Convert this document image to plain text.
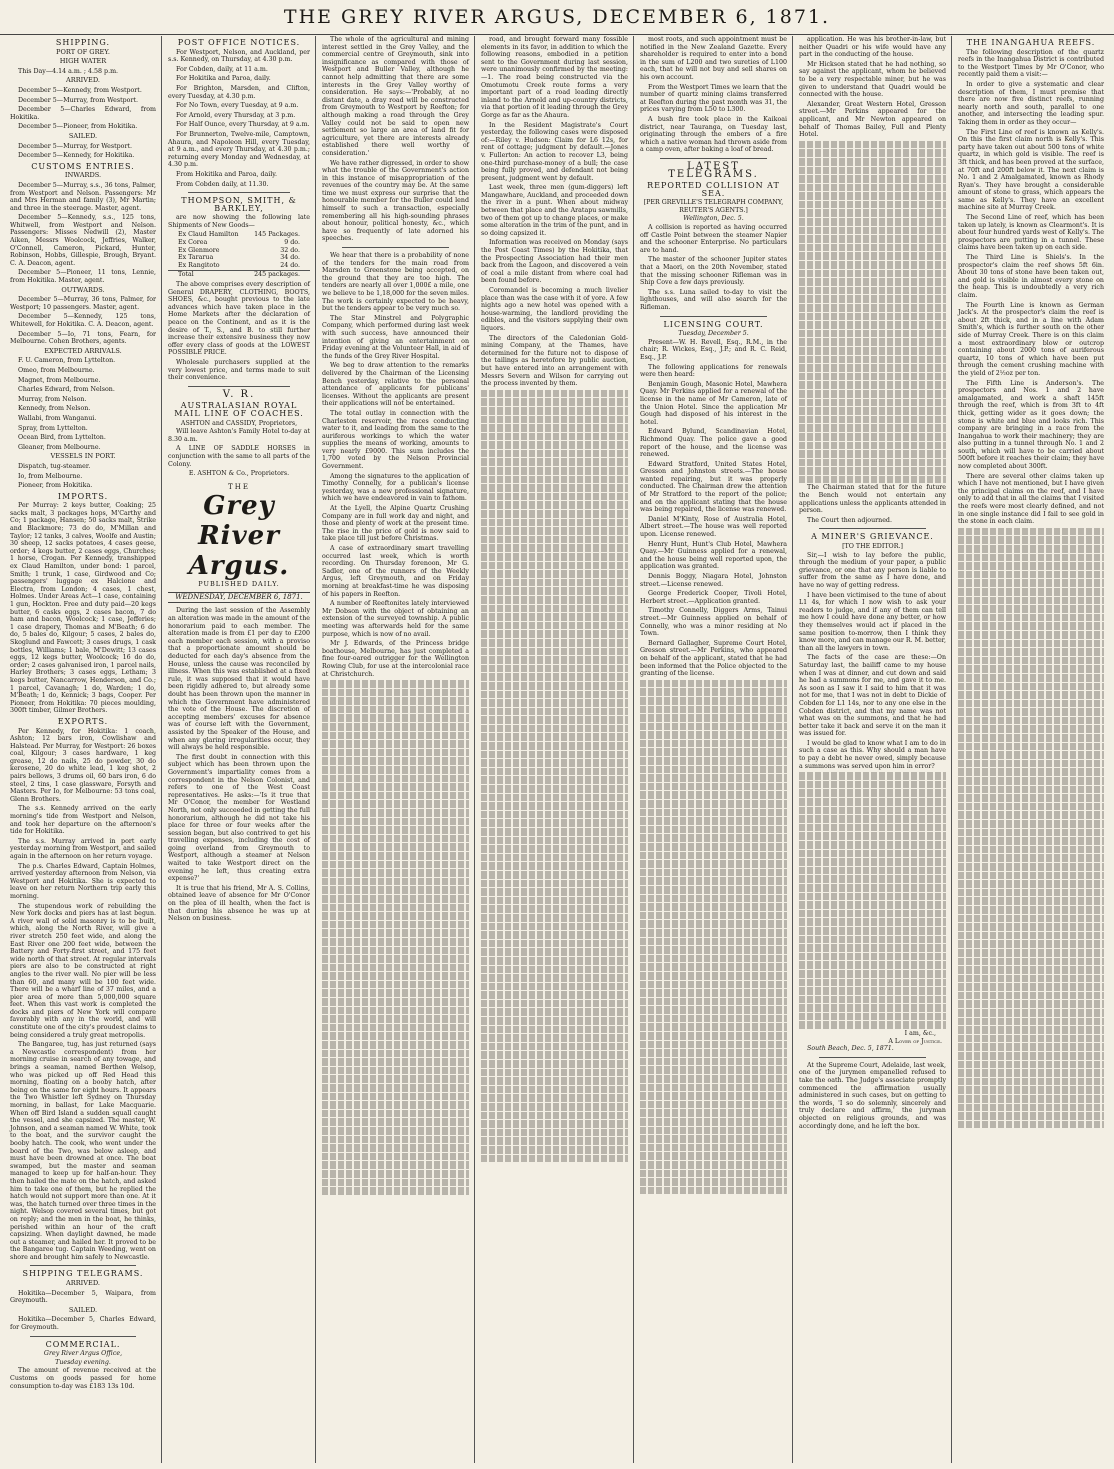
THE GREY RIVER ARGUS, DECEMBER 6, 1871.
SHIPPING.
PORT OF GREY.
HIGH WATER

This Day—4.14 a.m. ; 4.58 p.m.

ARRIVED.

December 5—Kennedy, from Westport.

December 5—Murray, from Westport.

December 5—Charles Edward, from Hokitika.

December 5—Pioneer, from Hokitika.

SAILED.

December 5—Murray, for Westport.

December 5—Kennedy, for Hokitika.

CUSTOMS ENTRIES.
INWARDS.

December 5—Murray, s.s., 36 tons, Palmer, from Westport and Nelson. Passengers: Mr and Mrs Herman and family (3), Mr Martin; and three in the steerage. Master, agent.

December 5—Kennedy, s.s., 125 tons, Whitwell, from Westport and Nelson. Passengers: Misses Nedwill (2), Master Aiken, Messrs Woolcock, Jeffries, Walker, O'Connell, Cameron, Pickard, Hunter, Robinson, Hobbs, Gillespie, Brough, Bryant. C. A. Deacon, agent.

December 5—Pioneer, 11 tons, Lennie, from Hokitika. Master, agent.

OUTWARDS.

December 5—Murray, 36 tons, Palmer, for Westport; 10 passengers. Master, agent.

December 5—Kennedy, 125 tons, Whitewell, for Hokitika. C. A. Deacon, agent.

December 5—Io, 71 tons, Fearn, for Melbourne. Cohen Brothers, agents.

EXPECTED ARRIVALS.

F. U. Cameron, from Lyttelton.

Omeo, from Melbourne.

Magnet, from Melbourne.

Charles Edward, from Nelson.

Murray, from Nelson.

Kennedy, from Nelson.

Wallabi, from Wanganui.

Spray, from Lyttelton.

Ocean Bird, from Lyttelton.

Gleaner, from Melbourne.

VESSELS IN PORT.

Dispatch, tug-steamer.

Io, from Melbourne.

Pioneer, from Hokitika.

IMPORTS.

Per Murray: 2 keys butter, Coaking; 25 sacks malt, 3 packages hops, M'Carthy and Co; 1 package, Hansen; 50 sacks malt, Strike and Blackmore; 73 do do, M'Millan and Taylor; 12 tanks, 3 calves, Woolfe and Austin; 30 sheep, 12 sacks potatoes, 4 cases geese, order; 4 kegs butter, 2 cases eggs, Churches; 1 horse, Crogan. Per Kennedy, transhipped ex Claud Hamilton, under bond: 1 parcel, Smith; 1 trunk, 1 case, Girdwood and Co; passengers' luggage ex Halcione and Electra, from London; 4 cases, 1 chest, Holmes. Under Areas Act—1 case, containing 1 gun, Hockton. Free and duty paid—20 kegs butter, 6 casks eggs, 2 cases bacon, 7 do ham and bacon, Woolcock; 1 case, Jefferies; 1 case drapery, Thomas and M'Beath; 6 do do, 5 bales do, Kilgour; 5 cases, 2 bales do, Skoglund and Fawcett; 3 cases drugs, 1 cask bottles, Williams; 1 bale, M'Dewitt; 13 cases eggs, 12 kegs butter, Woolcock; 16 do do, order; 2 cases galvanised iron, 1 parcel nails, Harley Brothers; 3 cases eggs, Letham; 3 kegs butter, Nancarrow, Henderson, and Co.; 1 parcel, Cavanagh; 1 do, Warden; 1 do, M'Beath; 1 do, Kennick; 3 bags, Cooper. Per Pioneer, from Hokitika: 70 pieces moulding, 300ft timber, Gilmer Brothers.

EXPORTS.

Per Kennedy, for Hokitika: 1 coach, Ashton; 12 bars iron, Cowlishaw and Halstead. Per Murray, for Westport: 26 boxes coal, Kilgour; 3 cases hardware, 1 keg grease, 12 do nails, 25 do powder, 30 do kerosene, 20 do white lead, 1 keg shot, 2 pairs bellows, 3 drums oil, 60 bars iron, 6 do steel, 2 tins, 1 case glassware, Forsyth and Masters. Per Io, for Melbourne: 53 tons coal, Glenn Brothers.

The s.s. Kennedy arrived on the early morning's tide from Westport and Nelson, and took her departure on the afternoon's tide for Hokitika.

The s.s. Murray arrived in port early yesterday morning from Westport, and sailed again in the afternoon on her return voyage.

The p.s. Charles Edward, Captain Holmes, arrived yesterday afternoon from Nelson, via Westport and Hokitika. She is expected to leave on her return Northern trip early this morning.

The stupendous work of rebuilding the New York docks and piers has at last begun. A river wall of solid masonry is to be built, which, along the North River, will give a river stretch 250 feet wide, and along the East River one 200 feet wide, between the Battery and Forty-first street, and 175 feet wide north of that street. At regular intervals piers are also to be constructed at right angles to the river wall. No pier will be less than 60, and many will be 100 feet wide. There will be a wharf line of 37 miles, and a pier area of more than 5,000,000 square feet. When this vast work is completed the docks and piers of New York will compare favorably with any in the world, and will constitute one of the city's proudest claims to being considered a truly great metropolis.

The Bangaree, tug, has just returned (says a Newcastle correspondent) from her morning cruise in search of any towage, and brings a seaman, named Berthen Welsop, who was picked up off Red Head this morning, floating on a booby hatch, after being on the same for eight hours. It appears the Two Whistler left Sydney on Thursday morning, in ballast, for Lake Macquarie. When off Bird Island a sudden squall caught the vessel, and she capsized. The master, W. Johnson, and a seaman named W. White, took to the boat, and the survivor caught the booby hatch. The cook, who went under the board of the Two, was below asleep, and must have been drowned at once. The boat swamped, but the master and seaman managed to keep up for half-an-hour. They then hailed the mate on the hatch, and asked him to take one of them, but he replied the hatch would not support more than one. At it was, the hatch turned over three times in the night. Welsop covered several times, but got on reply; and the men in the boat, he thinks, perished within an hour of the craft capsizing. When daylight dawned, he made out a steamer, and hailed her. It proved to be the Bangaree tug. Captain Weeding, went on shore and brought him safely to Newcastle.

SHIPPING TELEGRAMS.
ARRIVED.

Hokitika—December 5, Waipara, from Greymouth.

SAILED.

Hokitika—December 5, Charles Edward, for Greymouth.

COMMERCIAL.
Grey River Argus Office,
Tuesday evening.

The amount of revenue received at the Customs on goods passed for home consumption to-day was £183 13s 10d.

POST OFFICE NOTICES.

For Westport, Nelson, and Auckland, per s.s. Kennedy, on Thursday, at 4.30 p.m.

For Cobden, daily, at 11 a.m.

For Hokitika and Paroa, daily.

For Brighton, Marsden, and Clifton, every Tuesday, at 4.30 p.m.

For No Town, every Tuesday, at 9 a.m.

For Arnold, every Thursday, at 3 p.m.

For Half Ounce, every Thursday, at 9 a.m.

For Brunnerton, Twelve-mile, Camptown, Ahaura, and Napoleon Hill, every Tuesday, at 9 a.m., and every Thursday, at 4.30 p.m.; returning every Monday and Wednesday, at 4.30 p.m.

From Hokitika and Paroa, daily.

From Cobden daily, at 11.30.

THOMPSON, SMITH, & BARKLEY,

are now showing the following late Shipments of New Goods—

Ex Claud Hamilton 145 Packages.
Ex Corea	9 do.
Ex Glenmore	32 do.
Ex Tararua	34 do.
Ex Rangitoto	24 do.
Total	245 packages.

The above comprises every description of General DRAPERY, CLOTHING, BOOTS, SHOES, &c., bought previous to the late advances which have taken place in the Home Markets after the declaration of peace on the Continent, and as it is the desire of T., S., and B. to still further increase their extensive business they now offer every class of goods at the LOWEST POSSIBLE PRICE.

Wholesale purchasers supplied at the very lowest price, and terms made to suit their convenience.

V. R.
AUSTRALASIAN ROYAL MAIL LINE OF COACHES.
ASHTON and CASSIDY, Proprietors,

Will leave Ashton's Family Hotel to-day at 8.30 a.m.

A LINE OF SADDLE HORSES in conjunction with the same to all parts of the Colony.

E. ASHTON & Co., Proprietors.
THE
Grey River Argus.
PUBLISHED DAILY.
WEDNESDAY, DECEMBER 6, 1871.

During the last session of the Assembly an alteration was made in the amount of the honorarium paid to each member. The alteration made is from £1 per day to £200 each member each session, with a proviso that a proportionate amount should be deducted for each day's absence from the House, unless the cause was reconciled by illness. When this was established at a fixed rule, it was supposed that it would have been rigidly adhered to, but already some doubt has been thrown upon the manner in which the Government have administered the vote of the House. The discretion of accepting members' excuses for absence was of course left with the Government, assisted by the Speaker of the House, and when any glaring irregularities occur, they will always be held responsible.

The first doubt in connection with this subject which has been thrown upon the Government's impartiality comes from a correspondent in the Nelson Colonist, and refers to one of the West Coast representatives. He asks:—'Is it true that Mr O'Conor, the member for Westland North, not only succeeded in getting the full honorarium, although he did not take his place for three or four weeks after the session began, but also contrived to get his travelling expenses, including the cost of going overland from Greymouth to Westport, although a steamer at Nelson waited to take Westport direct on the evening he left, thus creating extra expense?'

It is true that his friend, Mr A. S. Collins, obtained leave of absence for Mr O'Conor on the plea of ill health, when the fact is that during his absence he was up at Nelson on business.

The whole of the agricultural and mining interest settled in the Grey Valley, and the commercial centre of Greymouth, sink into insignificance as compared with those of Westport and Buller Valley, although he cannot help admitting that there are some interests in the Grey Valley worthy of consideration. He says:—'Probably, at no distant date, a dray road will be constructed from Greymouth to Westport by Reefton; for although making a road through the Grey Valley could not be said to open new settlement so large an area of land fit for agriculture, yet there are interests already established there well worthy of consideration.'

We have rather digressed, in order to show what the trouble of the Government's action in this instance of misappropriation of the revenues of the country may be. At the same time we must express our surprise that the honourable member for the Buller could lend himself to such a transaction, especially remembering all his high-sounding phrases about honour, political honesty, &c., which have so frequently of late adorned his speeches.

We hear that there is a probability of none of the tenders for the main road from Marsden to Greenstone being accepted, on the ground that they are too high. The tenders are nearly all over 1,000£ a mile, one we believe to be 1,18,000 for the seven miles. The work is certainly expected to be heavy, but the tenders appear to be very much so.

The Star Minstrel and Polygraphic Company, which performed during last week with such success, have announced their intention of giving an entertainment on Friday evening at the Volunteer Hall, in aid of the funds of the Grey River Hospital.

We beg to draw attention to the remarks delivered by the Chairman of the Licensing Bench yesterday, relative to the personal attendance of applicants for publicans' licenses. Without the applicants are present their applications will not be entertained.

The total outlay in connection with the Charleston reservoir, the races conducting water to it, and leading from the same to the auriferous workings to which the water supplies the means of working, amounts to very nearly £9000. This sum includes the 1,700 voted by the Nelson Provincial Government.

Among the signatures to the application of Timothy Connelly, for a publican's license yesterday, was a new professional signature, which we have endeavored in vain to fathom.

At the Lyell, the Alpine Quartz Crushing Company are in full work day and night, and those and plenty of work at the present time. The rise in the price of gold is now said to take place till just before Christmas.

A case of extraordinary smart travelling occurred last week, which is worth recording. On Thursday forenoon, Mr G. Sadler, one of the runners of the Weekly Argus, left Greymouth, and on Friday morning at breakfast-time he was disposing of his papers in Reefton.

A number of Reeftonites lately interviewed Mr Dobson with the object of obtaining an extension of the surveyed township. A public meeting was afterwards held for the same purpose, which is now of no avail.

Mr J. Edwards, of the Princess bridge boathouse, Melbourne, has just completed a fine four-oared outrigger for the Wellington Rowing Club, for use at the intercolonial race at Christchurch.

road, and brought forward many fossible elements in its favor, in addition to which the following reasons, embodied in a petition sent to the Government during last session, were unanimously confirmed by the meeting:—1. The road being constructed via the Omotumotu Creek route forms a very important part of a road leading directly inland to the Arnold and up-country districts, via that portion of it leading through the Grey Gorge as far as the Ahaura.

In the Resident Magistrate's Court yesterday, the following cases were disposed of:—Riley v. Hudson: Claim for L6 12s, for rent of cottage; judgment by default.—Jones v. Fullerton: An action to recover L3, being one-third purchase-money of a bull; the case being fully proved, and defendant not being present, judgment went by default.

Last week, three men (gum-diggers) left Mangawhare, Auckland, and proceeded down the river in a punt. When about midway between that place and the Aratapu sawmills, two of them got up to change places, or make some alteration in the trim of the punt, and in so doing capsized it.

Information was received on Monday (says the Post Coast Times) by the Hokitika, that the Prospecting Association had their men back from the Lagoon, and discovered a vein of coal a mile distant from where coal had been found before.

Coromandel is becoming a much livelier place than was the case with it of yore. A few nights ago a new hotel was opened with a house-warming, the landlord providing the edibles, and the visitors supplying their own liquors.

The directors of the Caledonian Gold-mining Company, at the Thames, have determined for the future not to dispose of the tailings as heretofore by public auction, but have entered into an arrangement with Messrs Severn and Wilson for carrying out the process invented by them.

most roots, and such appointment must be notified in the New Zealand Gazette. Every shareholder is required to enter into a bond in the sum of L200 and two sureties of L100 each, that he will not buy and sell shares on his own account.

From the Westport Times we learn that the number of quartz mining claims transferred at Reefton during the past month was 31, the prices varying from L50 to L300.

A bush fire took place in the Kaikoai district, near Tauranga, on Tuesday last, originating through the embers of a fire which a native woman had thrown aside from a camp oven, after baking a loaf of bread.

LATEST TELEGRAMS.
REPORTED COLLISION AT SEA.
[PER GREVILLE'S TELEGRAPH COMPANY, REUTER'S AGENTS.]
Wellington, Dec. 5.

A collision is reported as having occurred off Castle Point between the steamer Napier and the schooner Enterprise. No particulars are to hand.

The master of the schooner Jupiter states that a Maori, on the 20th November, stated that the missing schooner Rifleman was in Ship Cove a few days previously.

The s.s. Luna sailed to-day to visit the lighthouses, and will also search for the Rifleman.

LICENSING COURT.
Tuesday, December 5.

Present—W. H. Revell, Esq., R.M., in the chair; R. Wickes, Esq., J.P.; and R. C. Reid, Esq., J.P.

The following applications for renewals were then heard:

Benjamin Gough, Masonic Hotel, Mawhera Quay. Mr Perkins applied for a renewal of the license in the name of Mr Cameron, late of the Union Hotel. Since the application Mr Gough had disposed of his interest in the hotel.

Edward Bylund, Scandinavian Hotel, Richmond Quay. The police gave a good report of the house, and the license was renewed.

Edward Stratford, United States Hotel, Gresson and Johnston streets.—The house wanted repairing, but it was properly conducted. The Chairman drew the attention of Mr Stratford to the report of the police; and on the applicant stating that the house was being repaired, the license was renewed.

Daniel M'Kinty, Rose of Australia Hotel, Albert street.—The house was well reported upon. License renewed.

Henry Hunt, Hunt's Club Hotel, Mawhera Quay.—Mr Guinness applied for a renewal, and the house being well reported upon, the application was granted.

Dennis Boggy, Niagara Hotel, Johnston street.—License renewed.

George Frederick Cooper, Tivoli Hotel, Herbert street.—Application granted.

Timothy Connelly, Diggers Arms, Tainui street.—Mr Guinness applied on behalf of Connelly, who was a minor residing at No Town.

Bernard Gallagher, Supreme Court Hotel, Gresson street.—Mr Perkins, who appeared on behalf of the applicant, stated that he had been informed that the Police objected to the granting of the license.

application. He was his brother-in-law, but neither Quadri or his wife would have any part in the conducting of the house.

Mr Hickson stated that he had nothing, so say against the applicant, whom he believed to be a very respectable miner, but he was given to understand that Quadri would be connected with the house.

Alexander, Great Western Hotel, Gresson street.—Mr Perkins appeared for the applicant, and Mr Newton appeared on behalf of Thomas Bailey, Full and Plenty Hotel.

The Chairman stated that for the future the Bench would not entertain any applications unless the applicants attended in person.

The Court then adjourned.

A MINER'S GRIEVANCE.
[TO THE EDITOR.]

Sir,—I wish to lay before the public, through the medium of your paper, a public grievance, or one that any person is liable to suffer from the same as I have done, and have no way of getting redress.

I have been victimised to the tune of about L1 4s, for which I now wish to ask your readers to judge, and if any of them can tell me how I could have done any better, or how they themselves would act if placed in the same position to-morrow, then I think they know more, and can manage our R. M. better, than all the lawyers in town.

The facts of the case are these:—On Saturday last, the bailiff came to my house when I was at dinner, and cut down and said he had a summons for me, and gave it to me. As soon as I saw it I said to him that it was not for me, that I was not in debt to Dickie of Cobden for L1 14s, nor to any one else in the Cobden district, and that my name was not what was on the summons, and that he had better take it back and serve it on the man it was issued for.

I would be glad to know what I am to do in such a case as this. Why should a man have to pay a debt he never owed, simply because a summons was served upon him in error?

I am, &c.,
A Lover of Justice.
South Beach, Dec. 5, 1871.

At the Supreme Court, Adelaide, last week, one of the jurymen empanelled refused to take the oath. The Judge's associate promptly commenced the affirmation usually administered in such cases, but on getting to the words, 'I so do solemnly, sincerely and truly declare and affirm,' the juryman objected on religious grounds, and was accordingly done, and he left the box.

THE INANGAHUA REEFS.

The following description of the quartz reefs in the Inangahua District is contributed to the Westport Times by Mr O'Conor, who recently paid them a visit:—

In order to give a systematic and clear description of them, I must premise that there are now five distinct reefs, running nearly north and south, parallel to one another, and intersecting the leading spur. Taking them in order as they occur—

The First Line of reef is known as Kelly's. On this the first claim north is Kelly's. This party have taken out about 500 tons of white quartz, in which gold is visible. The reef is 3ft thick, and has been proved at the surface, at 70ft and 200ft below it. The next claim is No. 1 and 2 Amalgamated, known as Rhody Ryan's. They have brought a considerable amount of stone to grass, which appears the same as Kelly's. They have an excellent machine site at Murray Creek.

The Second Line of reef, which has been taken up lately, is known as Clearmont's. It is about four hundred yards west of Kelly's. The prospectors are putting in a tunnel. These claims have been taken up on each side.

The Third Line is Shiels's. In the prospector's claim the reef shows 5ft 6in. About 30 tons of stone have been taken out, and gold is visible in almost every stone on the heap. This is undoubtedly a very rich claim.

The Fourth Line is known as German Jack's. At the prospector's claim the reef is about 2ft thick, and in a line with Adam Smith's, which is further south on the other side of Murray Creek. There is on this claim a most extraordinary blow or outcrop containing about 2000 tons of auriferous quartz, 10 tons of which have been put through the cement crushing machine with the yield of 2½oz per ton.

The Fifth Line is Anderson's. The prospectors and Nos. 1 and 2 have amalgamated, and work a shaft 145ft through the reef, which is from 3ft to 4ft thick, getting wider as it goes down; the stone is white and blue and looks rich. This company are bringing in a race from the Inangahua to work their machinery; they are also putting in a tunnel through No. 1 and 2 south, which will have to be carried about 500ft before it reaches their claim; they have now completed about 300ft.

There are several other claims taken up which I have not mentioned, but I have given the principal claims on the reef, and I have only to add that in all the claims that I visited the reefs were most clearly defined, and not in one single instance did I fail to see gold in the stone in each claim.
